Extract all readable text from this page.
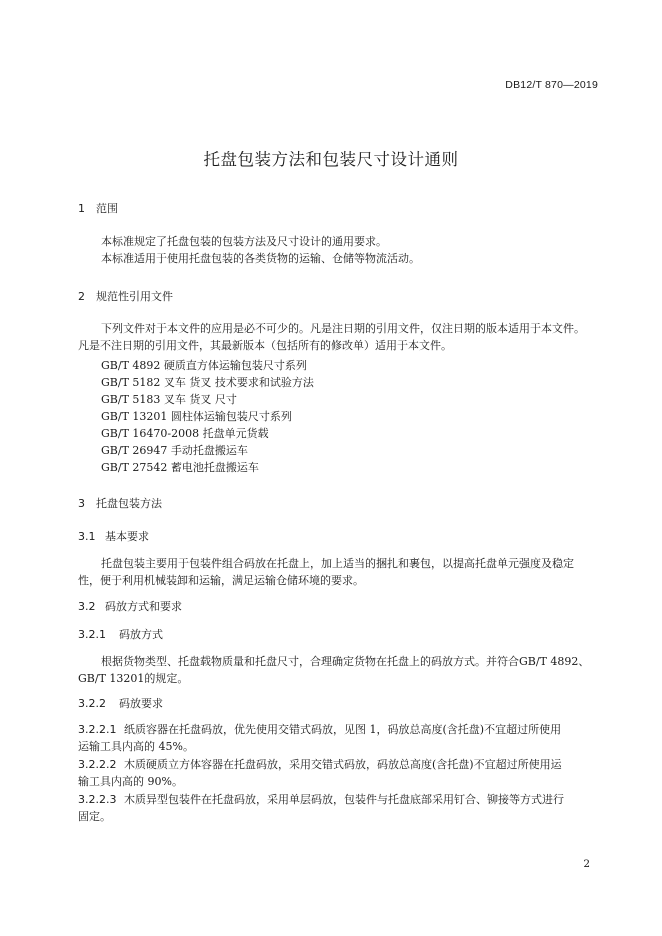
DB12/T 870—2019
托盘包装方法和包装尺寸设计通则
1 范围
本标准规定了托盘包装的包装方法及尺寸设计的通用要求。
本标准适用于使用托盘包装的各类货物的运输、仓储等物流活动。
2 规范性引用文件
下列文件对于本文件的应用是必不可少的。凡是注日期的引用文件，仅注日期的版本适用于本文件。
凡是不注日期的引用文件，其最新版本（包括所有的修改单）适用于本文件。
GB/T 4892 硬质直方体运输包装尺寸系列
GB/T 5182 叉车 货叉 技术要求和试验方法
GB/T 5183 叉车 货叉 尺寸
GB/T 13201 圆柱体运输包装尺寸系列
GB/T 16470-2008 托盘单元货载
GB/T 26947 手动托盘搬运车
GB/T 27542 蓄电池托盘搬运车
3 托盘包装方法
3.1 基本要求
托盘包装主要用于包装件组合码放在托盘上，加上适当的捆扎和裹包，以提高托盘单元强度及稳定
性，便于利用机械装卸和运输，满足运输仓储环境的要求。
3.2 码放方式和要求
3.2.1 码放方式
根据货物类型、托盘载物质量和托盘尺寸，合理确定货物在托盘上的码放方式。并符合GB/T 4892、
GB/T 13201的规定。
3.2.2 码放要求
3.2.2.1 纸质容器在托盘码放，优先使用交错式码放，见图 1，码放总高度(含托盘)不宜超过所使用
运输工具内高的 45%。
3.2.2.2 木质硬质立方体容器在托盘码放，采用交错式码放，码放总高度(含托盘)不宜超过所使用运
输工具内高的 90%。
3.2.2.3 木质异型包装件在托盘码放，采用单层码放，包装件与托盘底部采用钉合、铆接等方式进行
固定。
2
